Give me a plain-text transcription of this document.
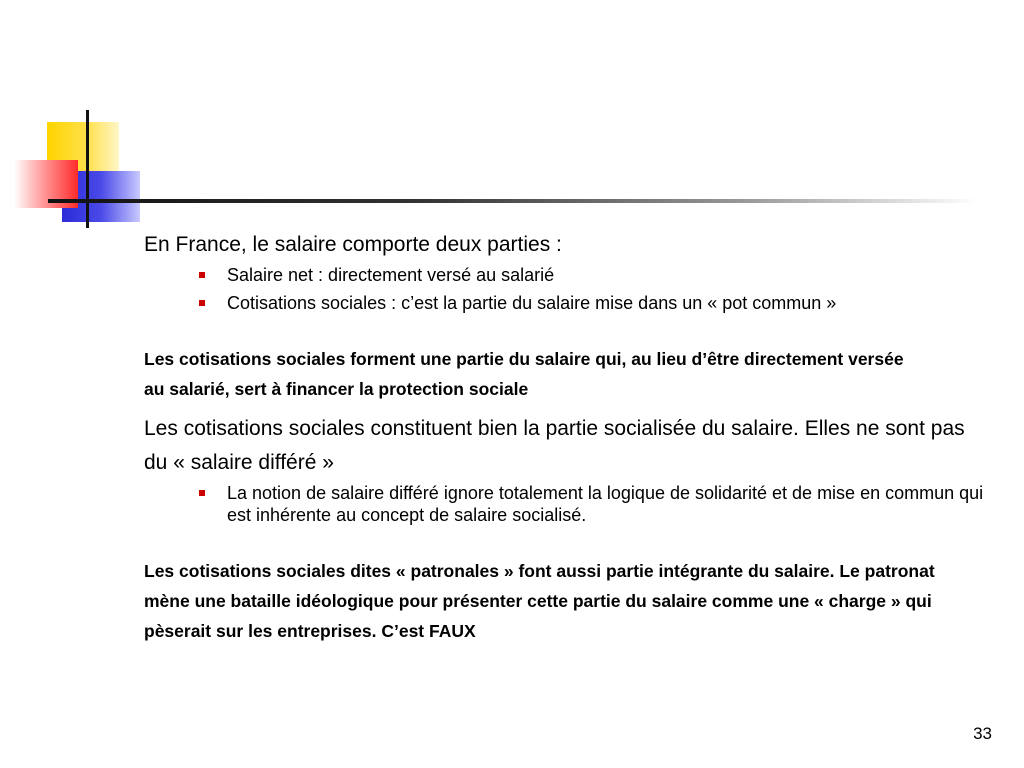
En France, le salaire comporte deux parties :

Salaire net : directement versé au salarié
Cotisations sociales : c’est la partie du salaire mise dans un « pot commun »

Les cotisations sociales forment une partie du salaire qui, au lieu d’être directement versée au salarié, sert à financer la protection sociale

Les cotisations sociales constituent bien la partie socialisée du salaire. Elles ne sont pas du « salaire différé »

La notion de salaire différé ignore totalement la logique de solidarité et de mise en commun qui est inhérente au concept de salaire socialisé.

Les cotisations sociales dites « patronales » font aussi partie intégrante du salaire. Le patronat mène une bataille idéologique pour présenter cette partie du salaire comme une « charge » qui pèserait sur les entreprises. C’est FAUX

33
